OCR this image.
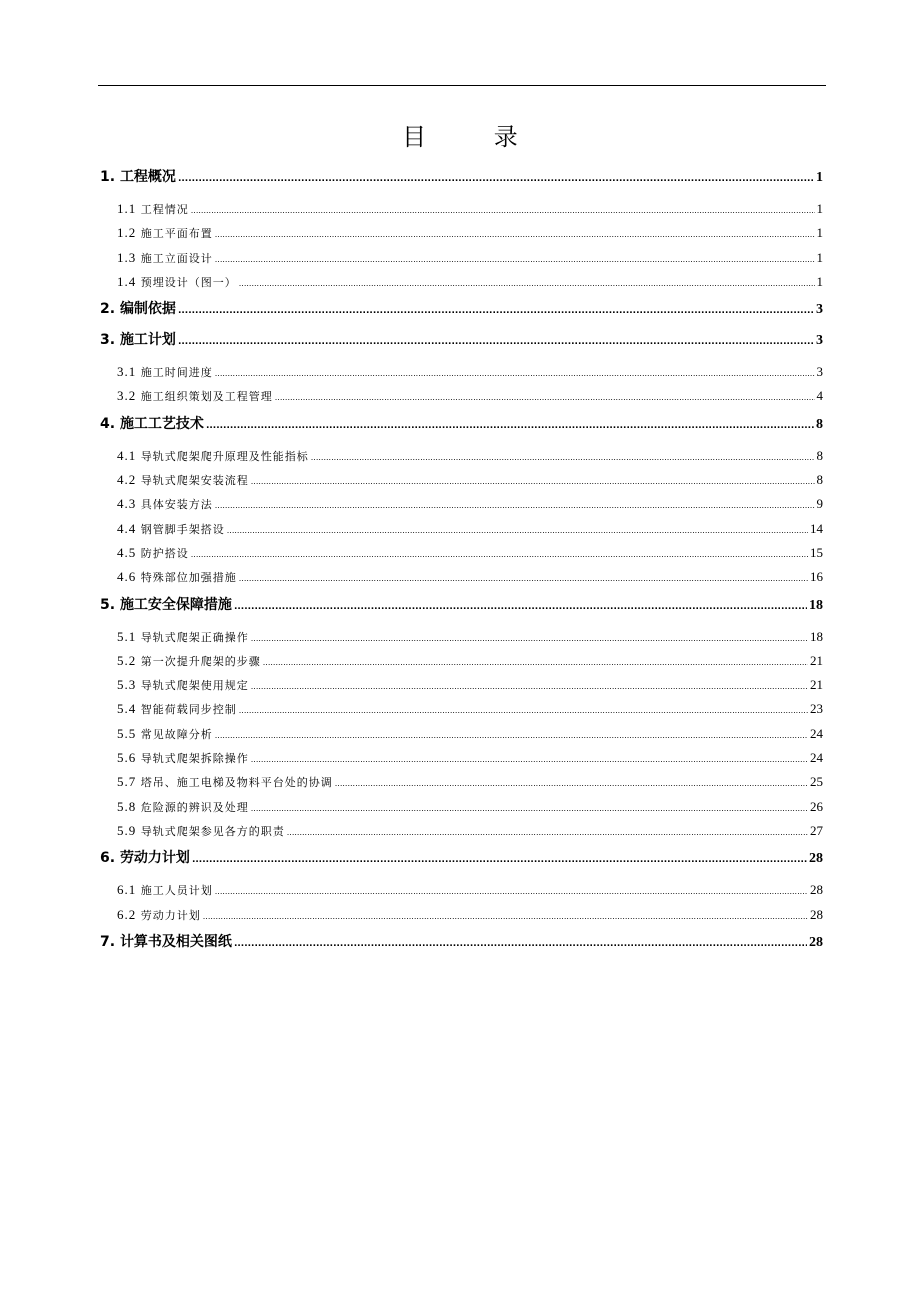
目 录
1. 工程概况 .....	1
1.1 工程情况 .....	1
1.2 施工平面布置 .....	1
1.3 施工立面设计 .....	1
1.4 预埋设计（图一） .....	1
2. 编制依据 .....	3
3. 施工计划 .....	3
3.1 施工时间进度 .....	3
3.2 施工组织策划及工程管理 .....	4
4. 施工工艺技术 .....	8
4.1 导轨式爬架爬升原理及性能指标 .....	8
4.2 导轨式爬架安装流程 .....	8
4.3 具体安装方法 .....	9
4.4 钢管脚手架搭设 .....	14
4.5 防护搭设 .....	15
4.6 特殊部位加强措施 .....	16
5. 施工安全保障措施 .....	18
5.1 导轨式爬架正确操作 .....	18
5.2 第一次提升爬架的步骤 .....	21
5.3 导轨式爬架使用规定 .....	21
5.4 智能荷载同步控制 .....	23
5.5 常见故障分析 .....	24
5.6 导轨式爬架拆除操作 .....	24
5.7 塔吊、施工电梯及物料平台处的协调 .....	25
5.8 危险源的辨识及处理 .....	26
5.9 导轨式爬架参见各方的职责 .....	27
6. 劳动力计划 .....	28
6.1 施工人员计划 .....	28
6.2 劳动力计划 .....	28
7. 计算书及相关图纸 .....	28
